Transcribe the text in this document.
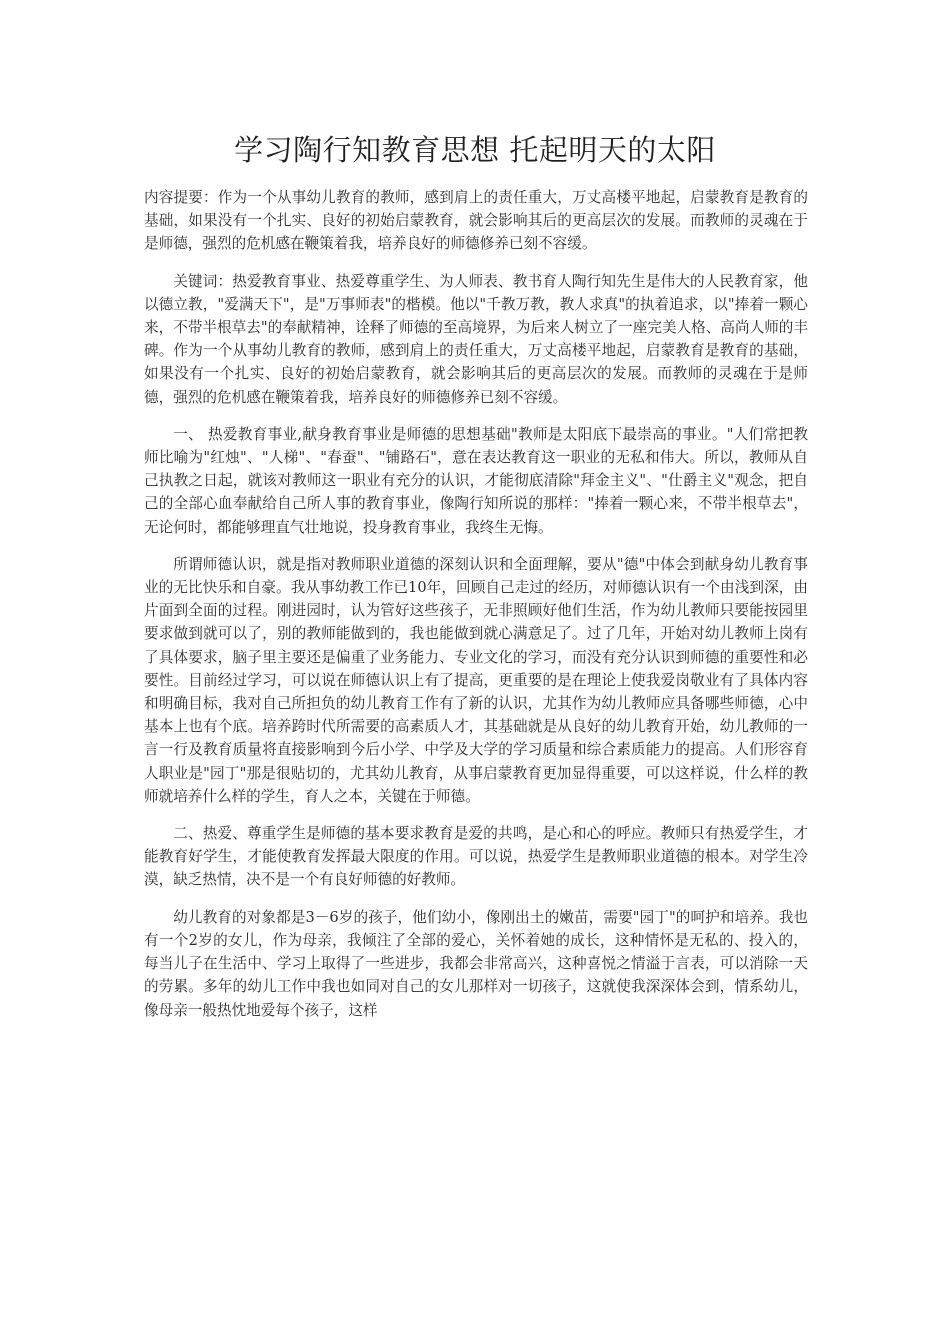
学习陶行知教育思想 托起明天的太阳

内容提要：作为一个从事幼儿教育的教师，感到肩上的责任重大，万丈高楼平地起，启蒙教育是教育的基础，如果没有一个扎实、良好的初始启蒙教育，就会影响其后的更高层次的发展。而教师的灵魂在于是师德，强烈的危机感在鞭策着我，培养良好的师德修养已刻不容缓。

关键词：热爱教育事业、热爱尊重学生、为人师表、教书育人陶行知先生是伟大的人民教育家，他以德立教，"爱满天下"，是"万事师表"的楷模。他以"千教万教，教人求真"的执着追求，以"捧着一颗心来，不带半根草去"的奉献精神，诠释了师德的至高境界，为后来人树立了一座完美人格、高尚人师的丰碑。作为一个从事幼儿教育的教师，感到肩上的责任重大，万丈高楼平地起，启蒙教育是教育的基础，如果没有一个扎实、良好的初始启蒙教育，就会影响其后的更高层次的发展。而教师的灵魂在于是师德，强烈的危机感在鞭策着我，培养良好的师德修养已刻不容缓。

一、 热爱教育事业,献身教育事业是师德的思想基础"教师是太阳底下最崇高的事业。"人们常把教师比喻为"红烛"、"人梯"、"春蚕"、"铺路石"，意在表达教育这一职业的无私和伟大。所以，教师从自己执教之日起，就该对教师这一职业有充分的认识，才能彻底清除"拜金主义"、"仕爵主义"观念，把自己的全部心血奉献给自己所人事的教育事业，像陶行知所说的那样："捧着一颗心来，不带半根草去"，无论何时，都能够理直气壮地说，投身教育事业，我终生无悔。

所谓师德认识，就是指对教师职业道德的深刻认识和全面理解，要从"德"中体会到献身幼儿教育事业的无比快乐和自豪。我从事幼教工作已10年，回顾自己走过的经历，对师德认识有一个由浅到深，由片面到全面的过程。刚进园时，认为管好这些孩子，无非照顾好他们生活，作为幼儿教师只要能按园里要求做到就可以了，别的教师能做到的，我也能做到就心满意足了。过了几年，开始对幼儿教师上岗有了具体要求，脑子里主要还是偏重了业务能力、专业文化的学习，而没有充分认识到师德的重要性和必要性。目前经过学习，可以说在师德认识上有了提高，更重要的是在理论上使我爱岗敬业有了具体内容和明确目标，我对自己所担负的幼儿教育工作有了新的认识，尤其作为幼儿教师应具备哪些师德，心中基本上也有个底。培养跨时代所需要的高素质人才，其基础就是从良好的幼儿教育开始，幼儿教师的一言一行及教育质量将直接影响到今后小学、中学及大学的学习质量和综合素质能力的提高。人们形容育人职业是"园丁"那是很贴切的，尤其幼儿教育，从事启蒙教育更加显得重要，可以这样说，什么样的教师就培养什么样的学生，育人之本，关键在于师德。

二、热爱、尊重学生是师德的基本要求教育是爱的共鸣，是心和心的呼应。教师只有热爱学生，才能教育好学生，才能使教育发挥最大限度的作用。可以说，热爱学生是教师职业道德的根本。对学生冷漠，缺乏热情，决不是一个有良好师德的好教师。

幼儿教育的对象都是3－6岁的孩子，他们幼小，像刚出土的嫩苗，需要"园丁"的呵护和培养。我也有一个2岁的女儿，作为母亲，我倾注了全部的爱心，关怀着她的成长，这种情怀是无私的、投入的，每当儿子在生活中、学习上取得了一些进步，我都会非常高兴，这种喜悦之情溢于言表，可以消除一天的劳累。多年的幼儿工作中我也如同对自己的女儿那样对一切孩子，这就使我深深体会到，情系幼儿，像母亲一般热忱地爱每个孩子，这样
